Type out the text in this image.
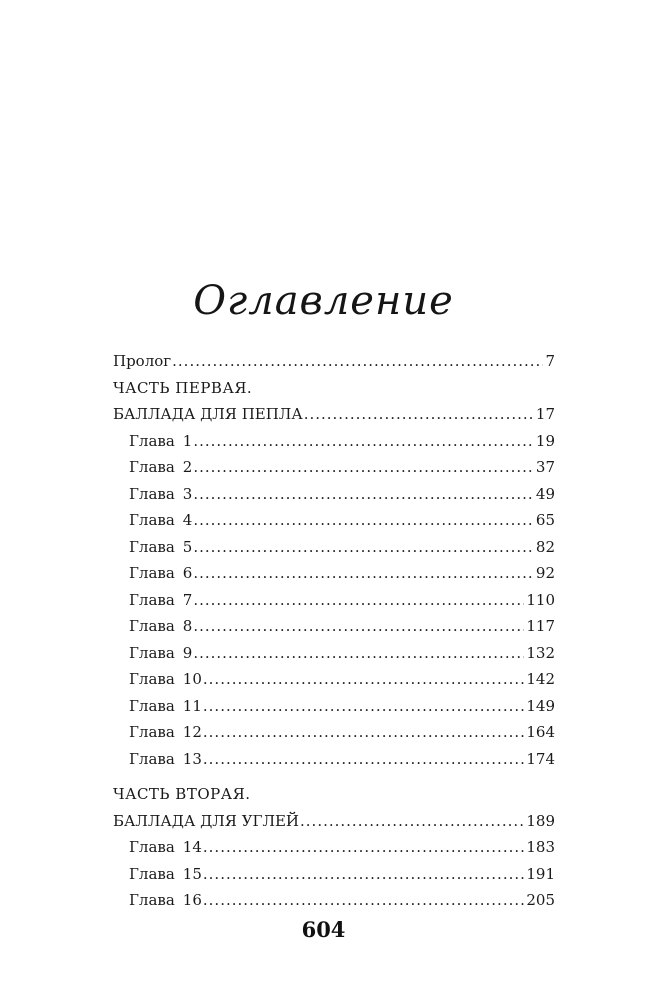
Оглавление
Пролог .....	7
ЧАСТЬ ПЕРВАЯ.
БАЛЛАДА ДЛЯ ПЕПЛА .....	17
Глава 1 .....	19
Глава 2 .....	37
Глава 3 .....	49
Глава 4 .....	65
Глава 5 .....	82
Глава 6 .....	92
Глава 7 .....	110
Глава 8 .....	117
Глава 9 .....	132
Глава 10 .....	142
Глава 11 .....	149
Глава 12 .....	164
Глава 13 .....	174
ЧАСТЬ ВТОРАЯ.
БАЛЛАДА ДЛЯ УГЛЕЙ .....	189
Глава 14 .....	183
Глава 15 .....	191
Глава 16 .....	205
604
